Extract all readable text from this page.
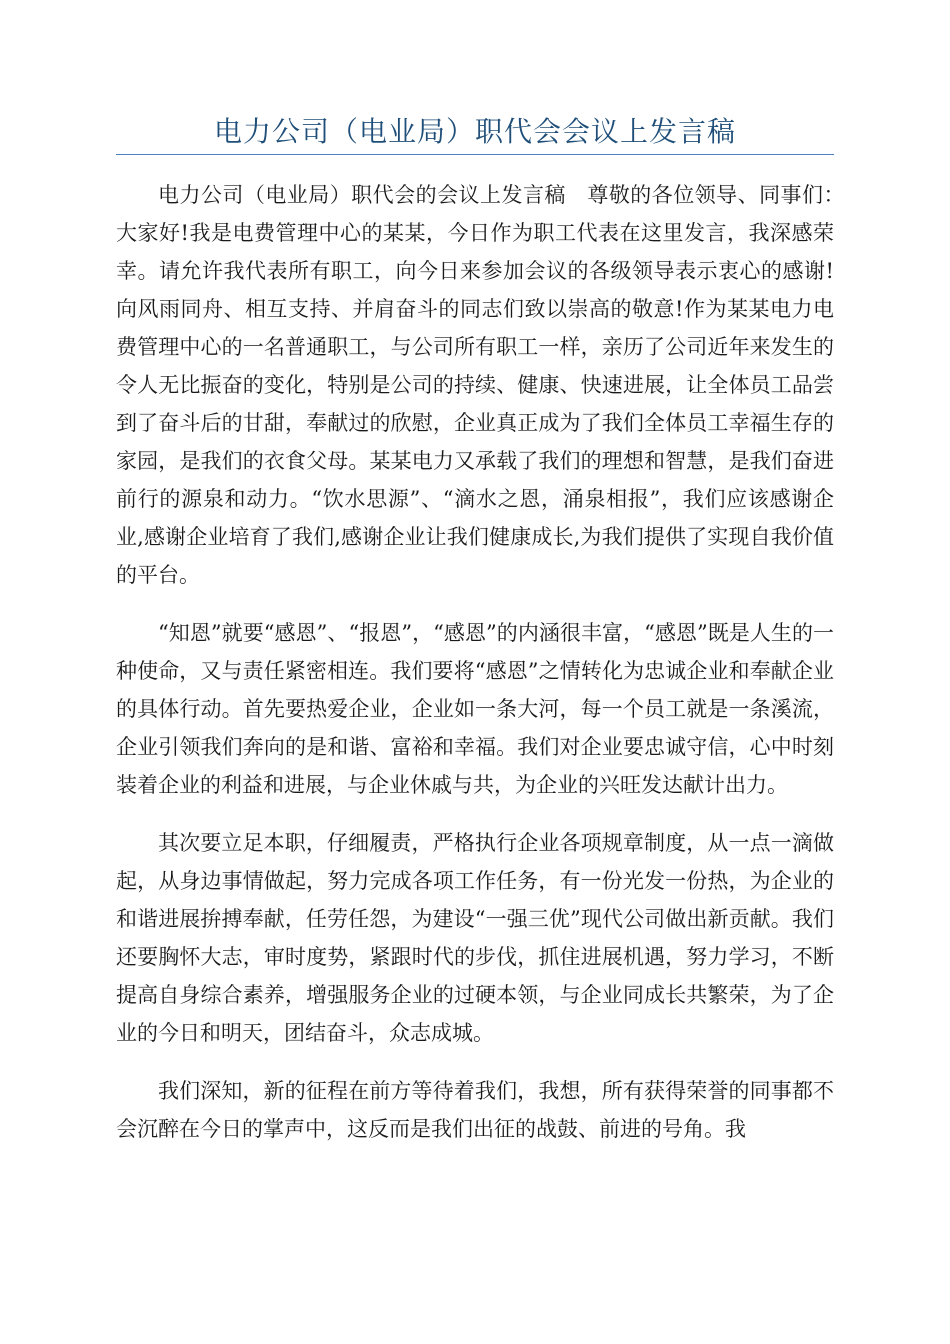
电力公司（电业局）职代会会议上发言稿

电力公司（电业局）职代会的会议上发言稿　尊敬的各位领导、同事们：　大家好!我是电费管理中心的某某，今日作为职工代表在这里发言，我深感荣幸。请允许我代表所有职工，向今日来参加会议的各级领导表示衷心的感谢!向风雨同舟、相互支持、并肩奋斗的同志们致以崇高的敬意!作为某某电力电费管理中心的一名普通职工，与公司所有职工一样，亲历了公司近年来发生的令人无比振奋的变化，特别是公司的持续、健康、快速进展，让全体员工品尝到了奋斗后的甘甜，奉献过的欣慰，企业真正成为了我们全体员工幸福生存的家园，是我们的衣食父母。某某电力又承载了我们的理想和智慧，是我们奋进前行的源泉和动力。“饮水思源”、“滴水之恩，涌泉相报”，我们应该感谢企业,感谢企业培育了我们,感谢企业让我们健康成长,为我们提供了实现自我价值的平台。

“知恩”就要“感恩”、“报恩”，“感恩”的内涵很丰富，“感恩”既是人生的一种使命，又与责任紧密相连。我们要将“感恩”之情转化为忠诚企业和奉献企业的具体行动。首先要热爱企业，企业如一条大河，每一个员工就是一条溪流，企业引领我们奔向的是和谐、富裕和幸福。我们对企业要忠诚守信，心中时刻装着企业的利益和进展，与企业休戚与共，为企业的兴旺发达献计出力。

其次要立足本职，仔细履责，严格执行企业各项规章制度，从一点一滴做起，从身边事情做起，努力完成各项工作任务，有一份光发一份热，为企业的和谐进展拚搏奉献，任劳任怨，为建设“一强三优”现代公司做出新贡献。我们还要胸怀大志，审时度势，紧跟时代的步伐，抓住进展机遇，努力学习，不断提高自身综合素养，增强服务企业的过硬本领，与企业同成长共繁荣，为了企业的今日和明天，团结奋斗，众志成城。

我们深知，新的征程在前方等待着我们，我想，所有获得荣誉的同事都不会沉醉在今日的掌声中，这反而是我们出征的战鼓、前进的号角。我
